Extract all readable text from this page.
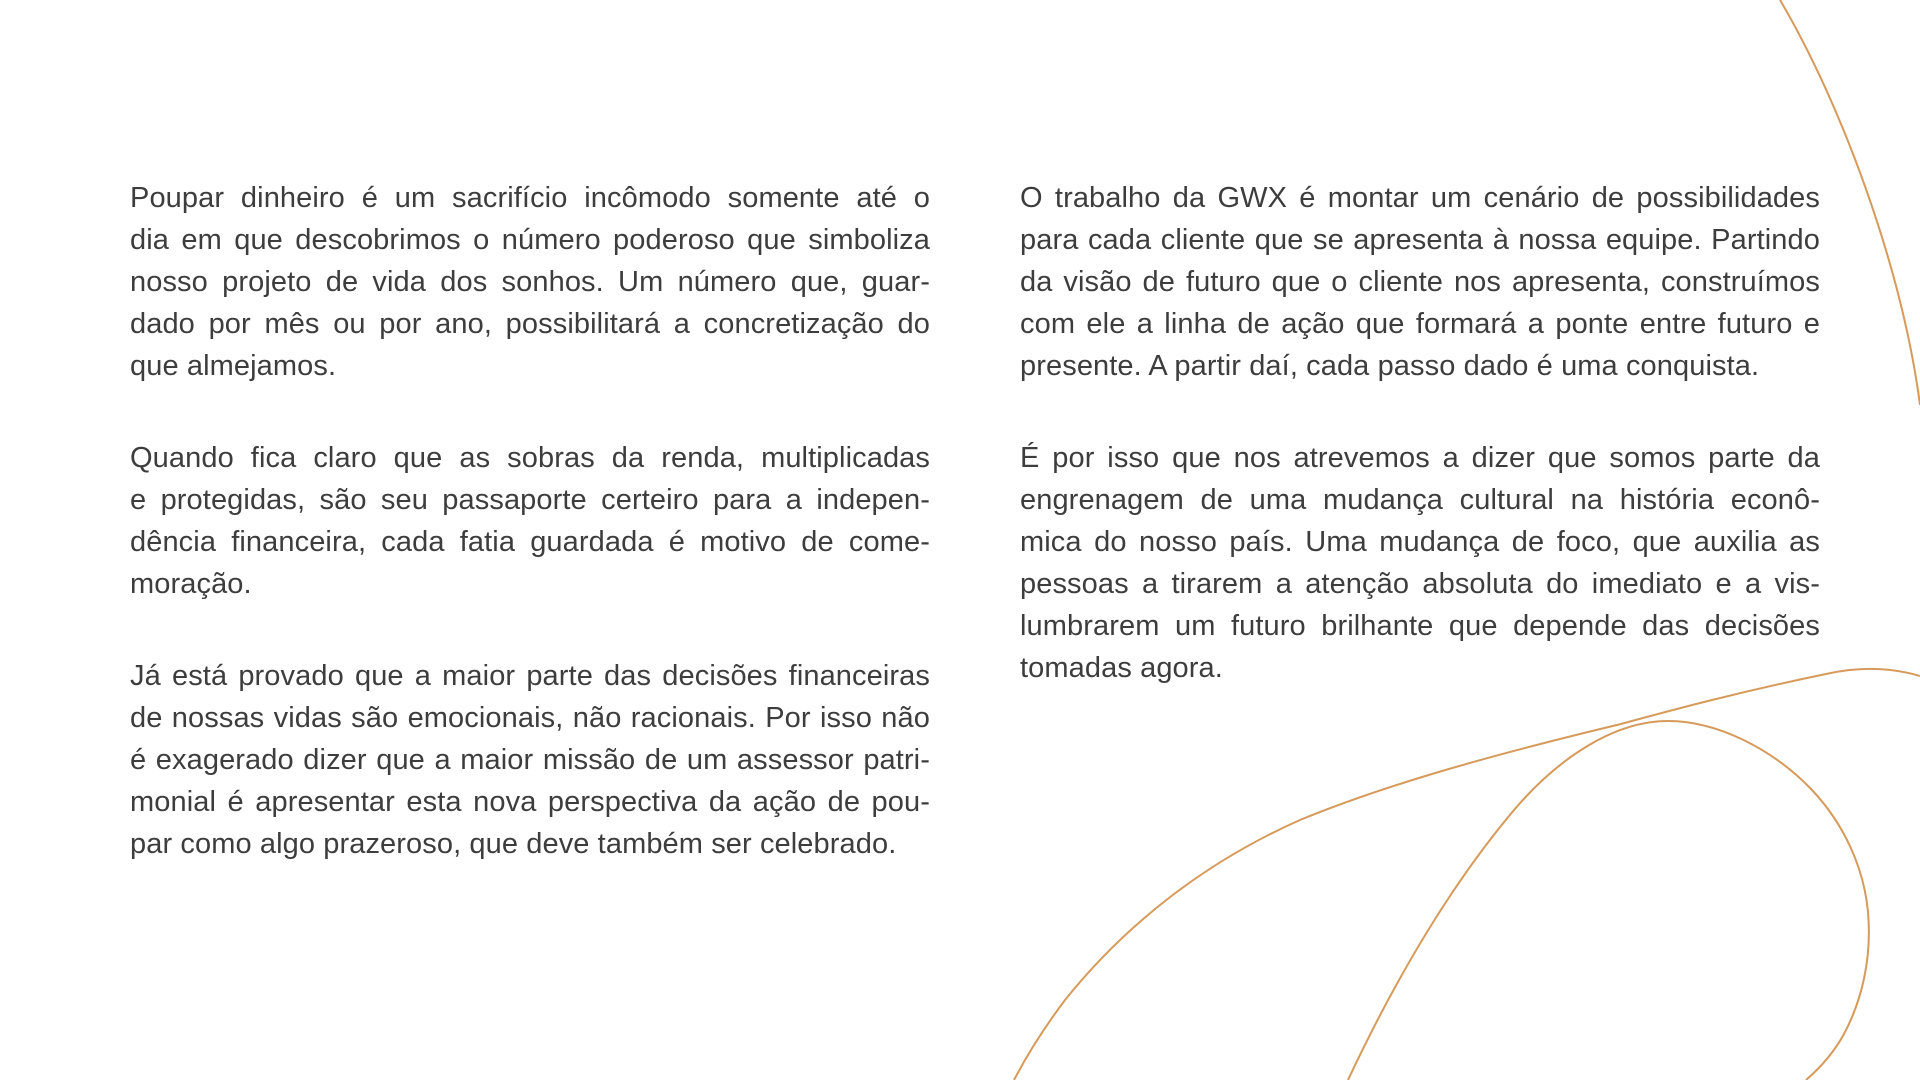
Poupar dinheiro é um sacrifício incômodo somente até o
dia em que descobrimos o número poderoso que simboliza
nosso projeto de vida dos sonhos. Um número que, guar-
dado por mês ou por ano, possibilitará a concretização do
que almejamos.

Quando fica claro que as sobras da renda, multiplicadas
e protegidas, são seu passaporte certeiro para a indepen-
dência financeira, cada fatia guardada é motivo de come-
moração.

Já está provado que a maior parte das decisões financeiras
de nossas vidas são emocionais, não racionais. Por isso não
é exagerado dizer que a maior missão de um assessor patri-
monial é apresentar esta nova perspectiva da ação de pou-
par como algo prazeroso, que deve também ser celebrado.

O trabalho da GWX é montar um cenário de possibilidades
para cada cliente que se apresenta à nossa equipe. Partindo
da visão de futuro que o cliente nos apresenta, construímos
com ele a linha de ação que formará a ponte entre futuro e
presente. A partir daí, cada passo dado é uma conquista.

É por isso que nos atrevemos a dizer que somos parte da
engrenagem de uma mudança cultural na história econô-
mica do nosso país. Uma mudança de foco, que auxilia as
pessoas a tirarem a atenção absoluta do imediato e a vis-
lumbrarem um futuro brilhante que depende das decisões
tomadas agora.
